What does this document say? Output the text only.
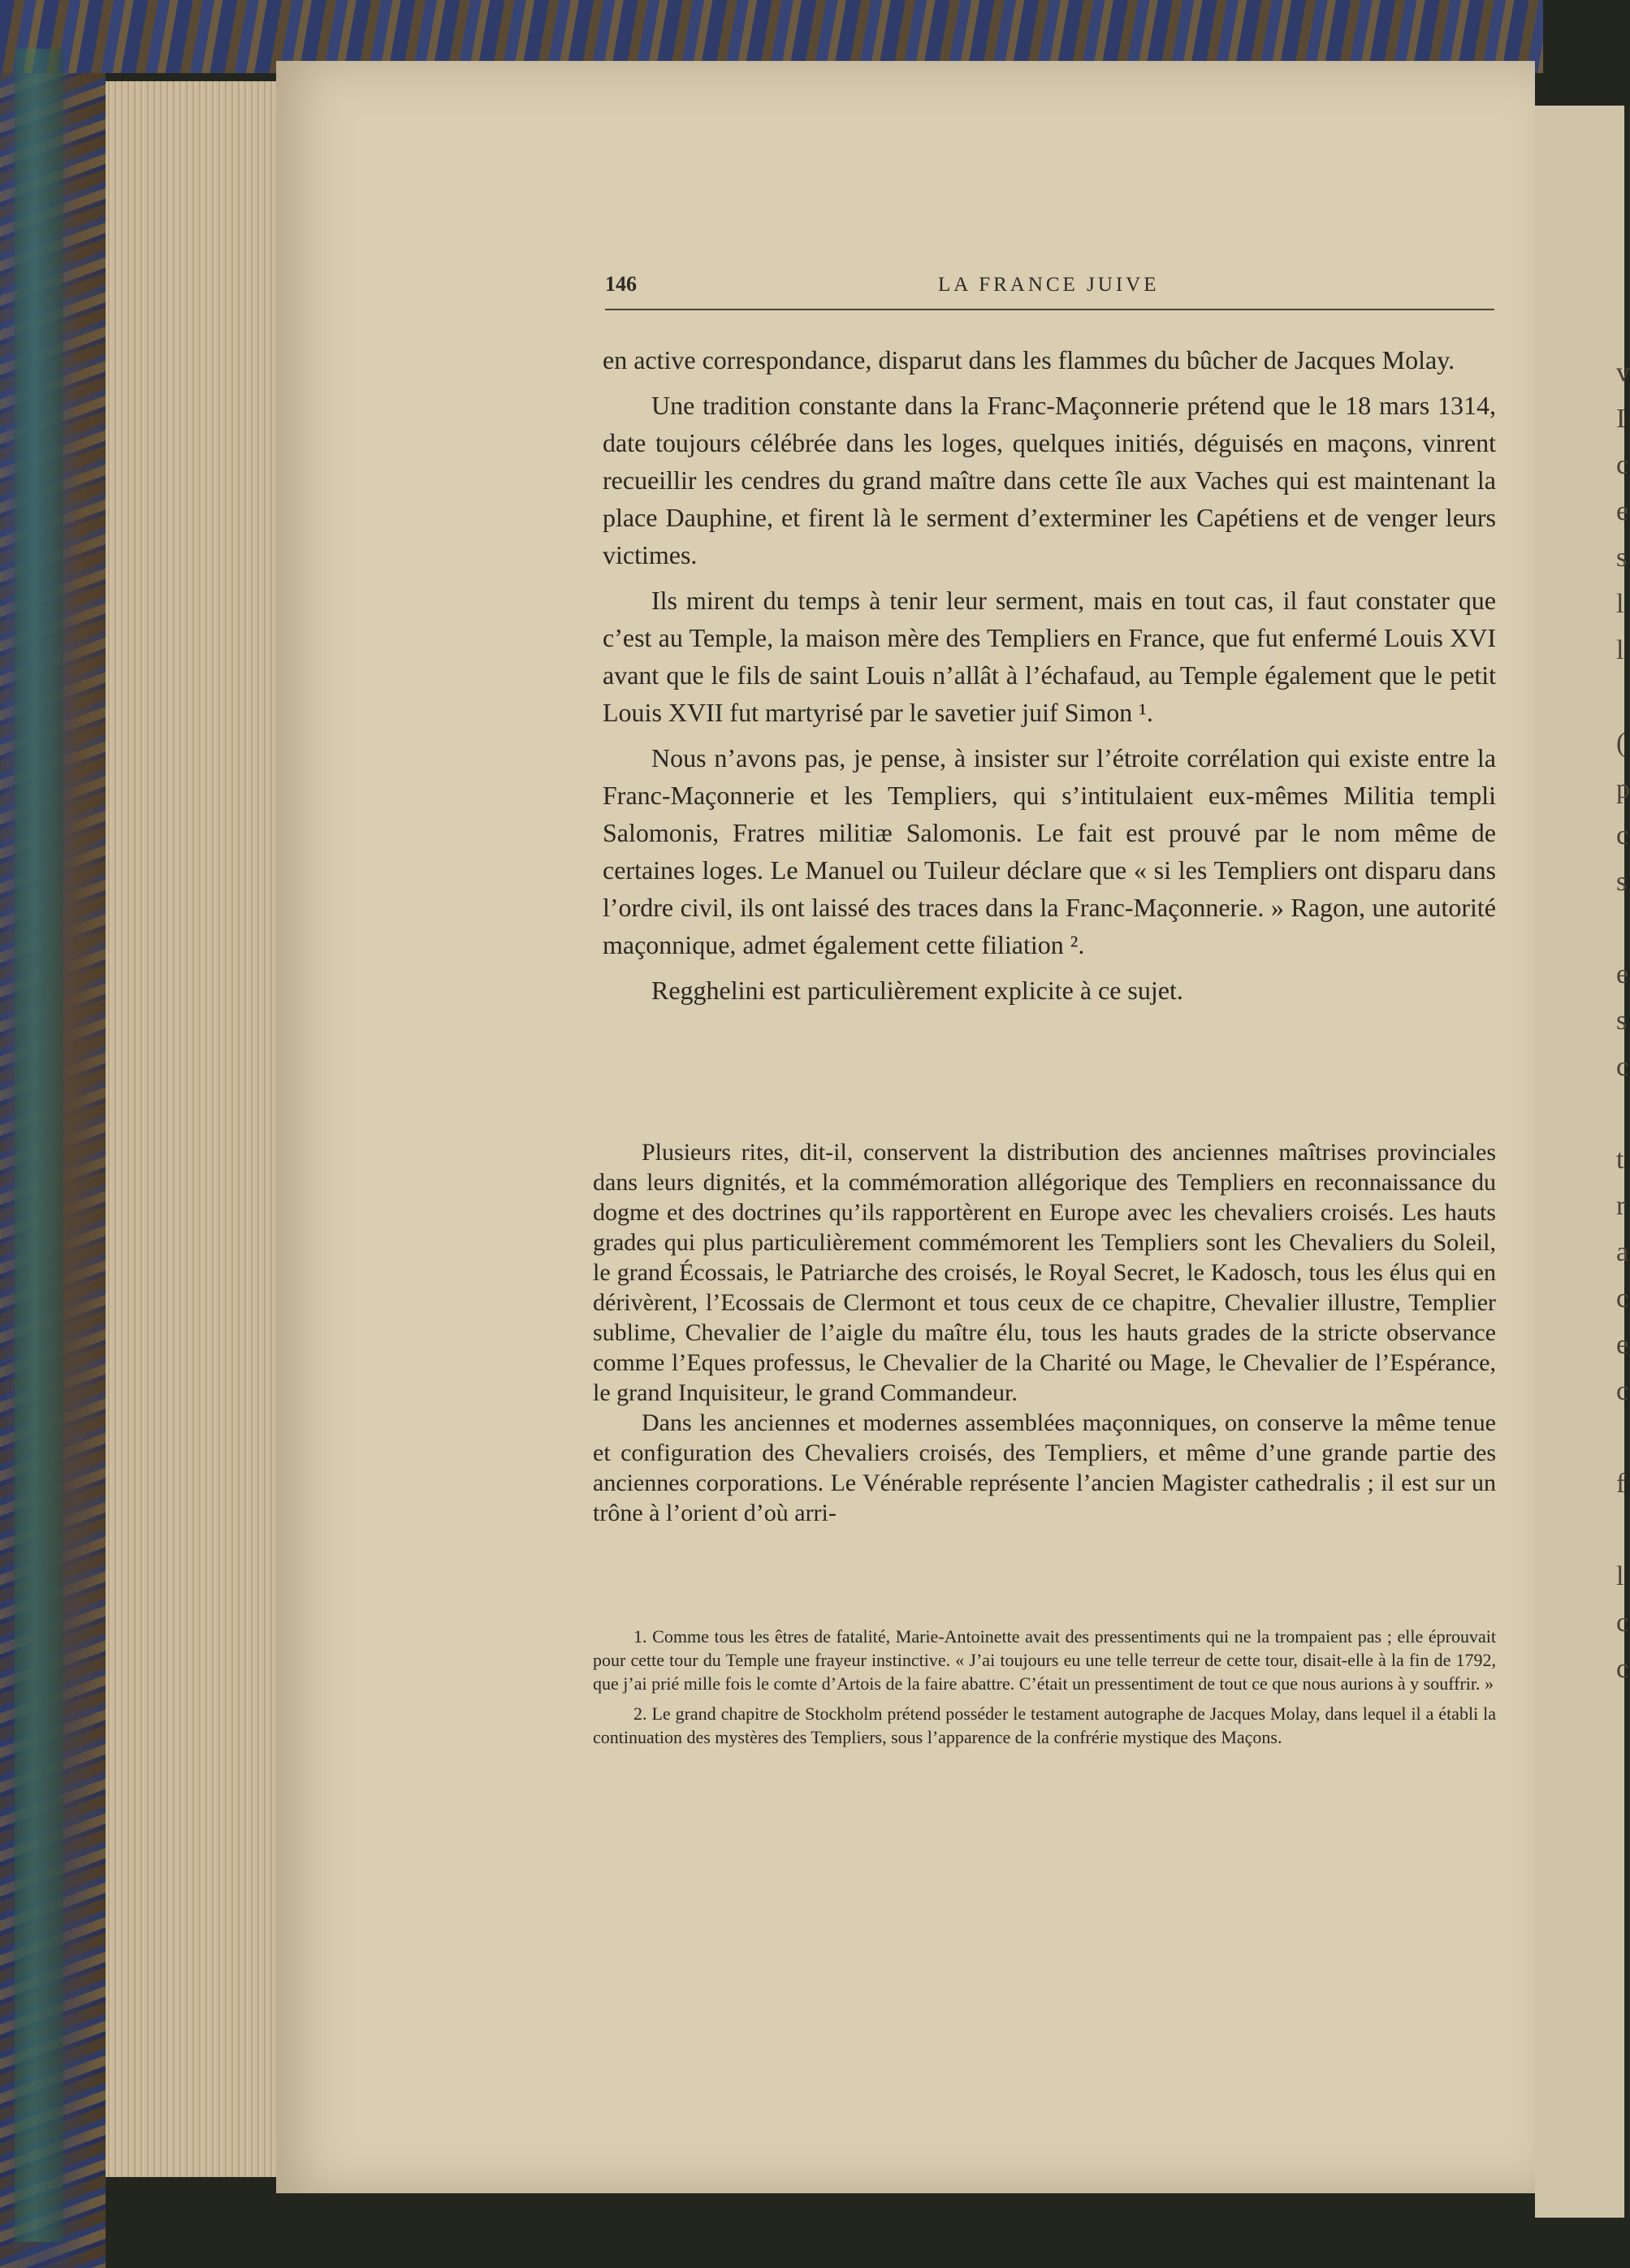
146	LA FRANCE JUIVE

en active correspondance, disparut dans les flammes du bûcher de Jacques Molay.

Une tradition constante dans la Franc-Maçonnerie prétend que le 18 mars 1314, date toujours célébrée dans les loges, quelques initiés, déguisés en maçons, vinrent recueillir les cendres du grand maître dans cette île aux Vaches qui est maintenant la place Dauphine, et firent là le serment d’exterminer les Capétiens et de venger leurs victimes.

Ils mirent du temps à tenir leur serment, mais en tout cas, il faut constater que c’est au Temple, la maison mère des Templiers en France, que fut enfermé Louis XVI avant que le fils de saint Louis n’allât à l’échafaud, au Temple également que le petit Louis XVII fut martyrisé par le savetier juif Simon ¹.

Nous n’avons pas, je pense, à insister sur l’étroite corrélation qui existe entre la Franc-Maçonnerie et les Templiers, qui s’intitulaient eux-mêmes Militia templi Salomonis, Fratres militiæ Salomonis. Le fait est prouvé par le nom même de certaines loges. Le Manuel ou Tuileur déclare que « si les Templiers ont disparu dans l’ordre civil, ils ont laissé des traces dans la Franc-Maçonnerie. » Ragon, une autorité maçonnique, admet également cette filiation ².

Regghelini est particulièrement explicite à ce sujet.

Plusieurs rites, dit-il, conservent la distribution des anciennes maîtrises provinciales dans leurs dignités, et la commémoration allégorique des Templiers en reconnaissance du dogme et des doctrines qu’ils rapportèrent en Europe avec les chevaliers croisés. Les hauts grades qui plus particulièrement commémorent les Templiers sont les Chevaliers du Soleil, le grand Écossais, le Patriarche des croisés, le Royal Secret, le Kadosch, tous les élus qui en dérivèrent, l’Ecossais de Clermont et tous ceux de ce chapitre, Chevalier illustre, Templier sublime, Chevalier de l’aigle du maître élu, tous les hauts grades de la stricte observance comme l’Eques professus, le Chevalier de la Charité ou Mage, le Chevalier de l’Espérance, le grand Inquisiteur, le grand Commandeur.

Dans les anciennes et modernes assemblées maçonniques, on conserve la même tenue et configuration des Chevaliers croisés, des Templiers, et même d’une grande partie des anciennes corporations. Le Vénérable représente l’ancien Magister cathedralis ; il est sur un trône à l’orient d’où arri-

1. Comme tous les êtres de fatalité, Marie-Antoinette avait des pressentiments qui ne la trompaient pas ; elle éprouvait pour cette tour du Temple une frayeur instinctive. « J’ai toujours eu une telle terreur de cette tour, disait-elle à la fin de 1792, que j’ai prié mille fois le comte d’Artois de la faire abattre. C’était un pressentiment de tout ce que nous aurions à y souffrir. »

2. Le grand chapitre de Stockholm prétend posséder le testament autographe de Jacques Molay, dans lequel il a établi la continuation des mystères des Templiers, sous l’apparence de la confrérie mystique des Maçons.

v
I
c
e
s
l
l
(
p
c
s
e
s
c
t
r
a
c
e
c
f
l
c
c
